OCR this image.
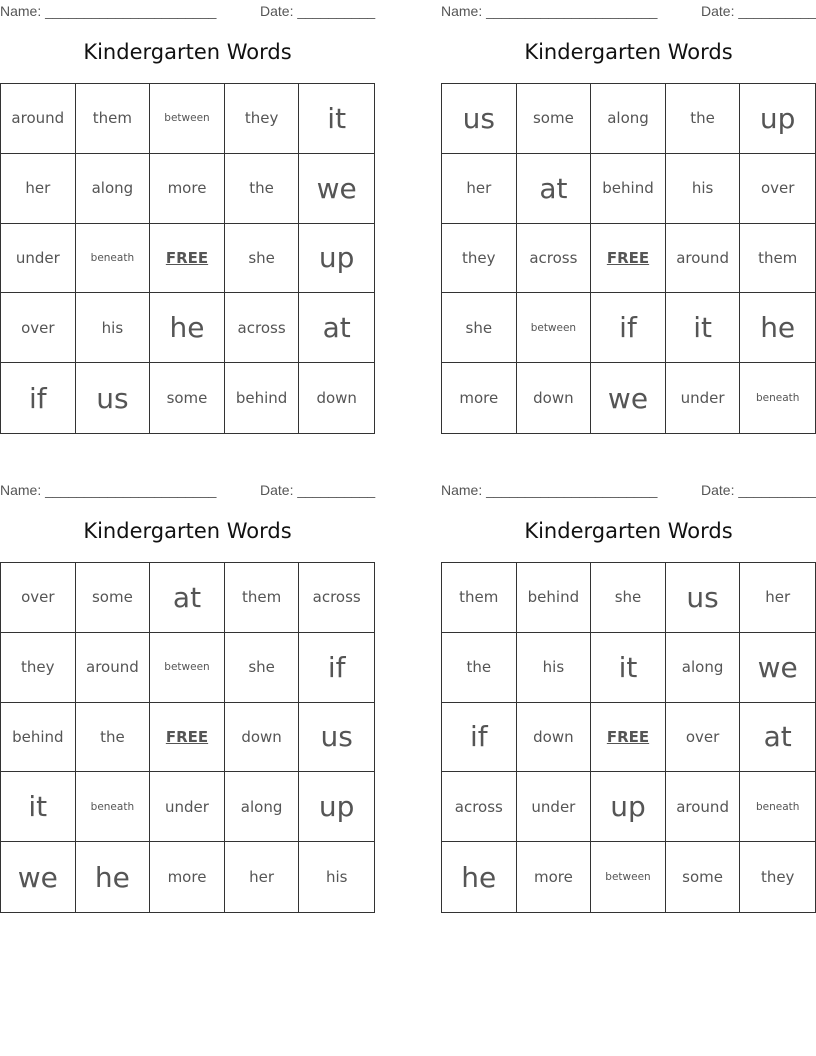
Name: ______________________	Date: __________
Kindergarten Words
around	them	between	they	it
her	along	more	the	we
under	beneath	FREE	she	up
over	his	he	across	at
if	us	some	behind	down
Name: ______________________	Date: __________
Kindergarten Words
us	some	along	the	up
her	at	behind	his	over
they	across	FREE	around	them
she	between	if	it	he
more	down	we	under	beneath
Name: ______________________	Date: __________
Kindergarten Words
over	some	at	them	across
they	around	between	she	if
behind	the	FREE	down	us
it	beneath	under	along	up
we	he	more	her	his
Name: ______________________	Date: __________
Kindergarten Words
them	behind	she	us	her
the	his	it	along	we
if	down	FREE	over	at
across	under	up	around	beneath
he	more	between	some	they
